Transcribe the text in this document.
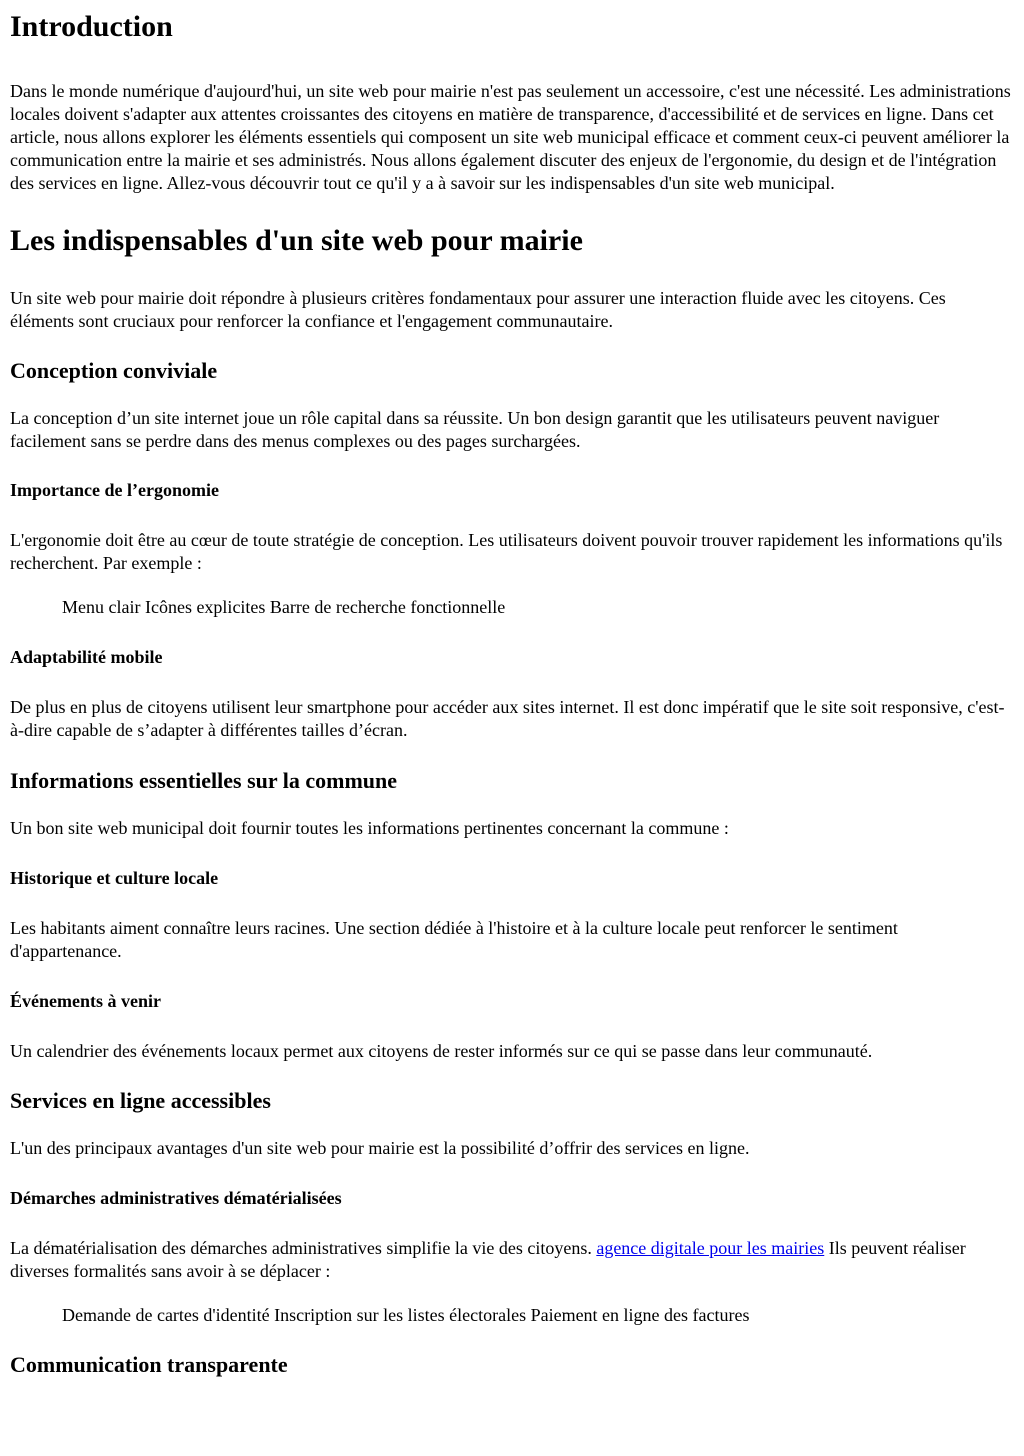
Introduction

Dans le monde numérique d'aujourd'hui, un site web pour mairie n'est pas seulement un accessoire, c'est une nécessité. Les administrations locales doivent s'adapter aux attentes croissantes des citoyens en matière de transparence, d'accessibilité et de services en ligne. Dans cet article, nous allons explorer les éléments essentiels qui composent un site web municipal efficace et comment ceux-ci peuvent améliorer la communication entre la mairie et ses administrés. Nous allons également discuter des enjeux de l'ergonomie, du design et de l'intégration des services en ligne. Allez-vous découvrir tout ce qu'il y a à savoir sur les indispensables d'un site web municipal.

Les indispensables d'un site web pour mairie

Un site web pour mairie doit répondre à plusieurs critères fondamentaux pour assurer une interaction fluide avec les citoyens. Ces éléments sont cruciaux pour renforcer la confiance et l'engagement communautaire.

Conception conviviale

La conception d’un site internet joue un rôle capital dans sa réussite. Un bon design garantit que les utilisateurs peuvent naviguer facilement sans se perdre dans des menus complexes ou des pages surchargées.

Importance de l’ergonomie

L'ergonomie doit être au cœur de toute stratégie de conception. Les utilisateurs doivent pouvoir trouver rapidement les informations qu'ils recherchent. Par exemple :

Menu clair Icônes explicites Barre de recherche fonctionnelle

Adaptabilité mobile

De plus en plus de citoyens utilisent leur smartphone pour accéder aux sites internet. Il est donc impératif que le site soit responsive, c'est-à-dire capable de s’adapter à différentes tailles d’écran.

Informations essentielles sur la commune

Un bon site web municipal doit fournir toutes les informations pertinentes concernant la commune :

Historique et culture locale

Les habitants aiment connaître leurs racines. Une section dédiée à l'histoire et à la culture locale peut renforcer le sentiment d'appartenance.

Événements à venir

Un calendrier des événements locaux permet aux citoyens de rester informés sur ce qui se passe dans leur communauté.

Services en ligne accessibles

L'un des principaux avantages d'un site web pour mairie est la possibilité d’offrir des services en ligne.

Démarches administratives dématérialisées

La dématérialisation des démarches administratives simplifie la vie des citoyens. agence digitale pour les mairies Ils peuvent réaliser diverses formalités sans avoir à se déplacer :

Demande de cartes d'identité Inscription sur les listes électorales Paiement en ligne des factures

Communication transparente
